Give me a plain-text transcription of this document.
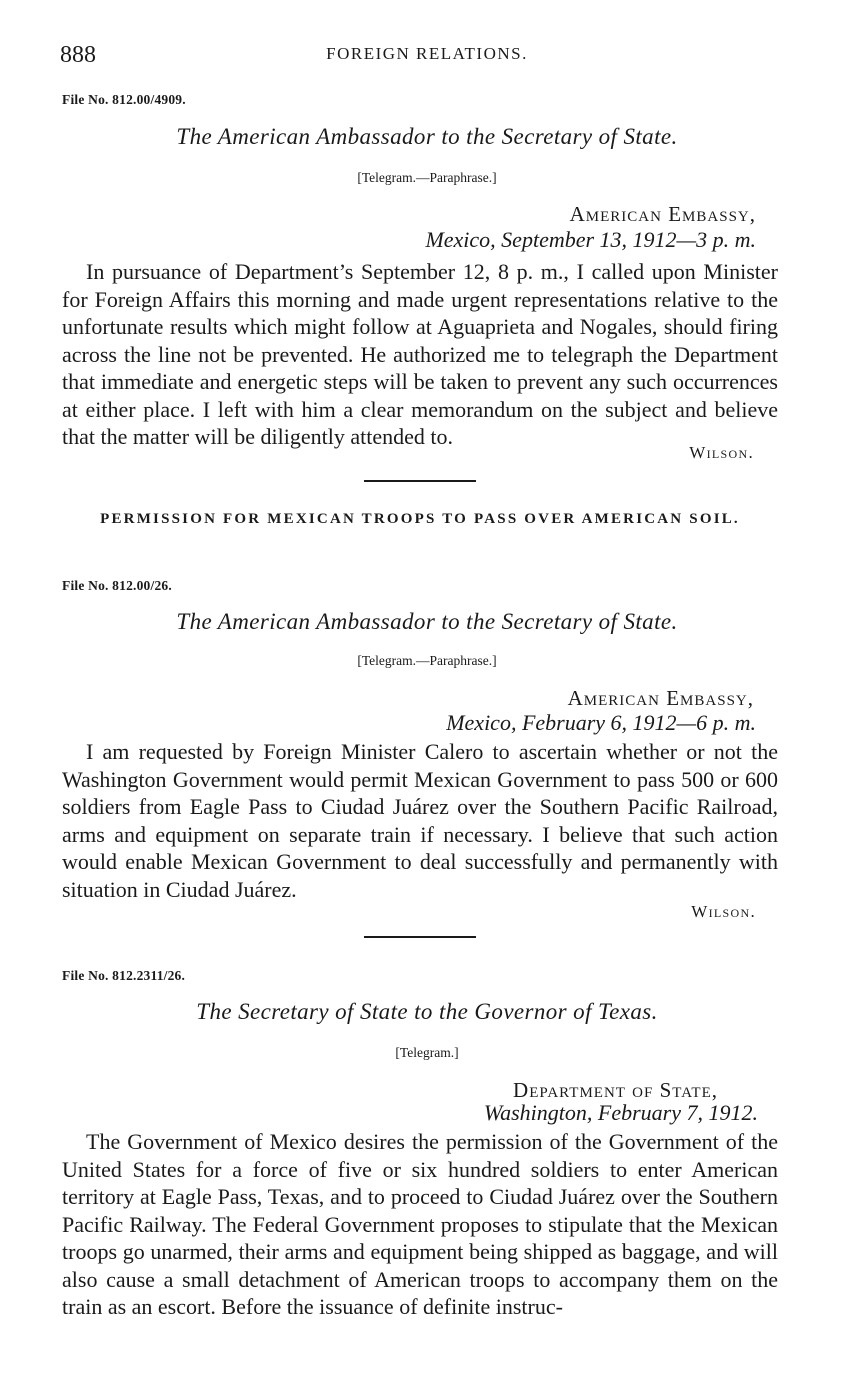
888	FOREIGN RELATIONS.
File No. 812.00/4909.
The American Ambassador to the Secretary of State.
[Telegram.—Paraphrase.]
American Embassy,
Mexico, September 13, 1912—3 p. m.
In pursuance of Department’s September 12, 8 p. m., I called upon Minister for Foreign Affairs this morning and made urgent representations relative to the unfortunate results which might follow at Aguaprieta and Nogales, should firing across the line not be prevented. He authorized me to telegraph the Department that immediate and energetic steps will be taken to prevent any such occurrences at either place. I left with him a clear memorandum on the subject and believe that the matter will be diligently attended to.
Wilson.
PERMISSION FOR MEXICAN TROOPS TO PASS OVER AMERICAN SOIL.
File No. 812.00/26.
The American Ambassador to the Secretary of State.
[Telegram.—Paraphrase.]
American Embassy,
Mexico, February 6, 1912—6 p. m.
I am requested by Foreign Minister Calero to ascertain whether or not the Washington Government would permit Mexican Government to pass 500 or 600 soldiers from Eagle Pass to Ciudad Juárez over the Southern Pacific Railroad, arms and equipment on separate train if necessary. I believe that such action would enable Mexican Government to deal successfully and permanently with situation in Ciudad Juárez.
Wilson.
File No. 812.2311/26.
The Secretary of State to the Governor of Texas.
[Telegram.]
Department of State,
Washington, February 7, 1912.
The Government of Mexico desires the permission of the Government of the United States for a force of five or six hundred soldiers to enter American territory at Eagle Pass, Texas, and to proceed to Ciudad Juárez over the Southern Pacific Railway. The Federal Government proposes to stipulate that the Mexican troops go unarmed, their arms and equipment being shipped as baggage, and will also cause a small detachment of American troops to accompany them on the train as an escort. Before the issuance of definite instruc-
